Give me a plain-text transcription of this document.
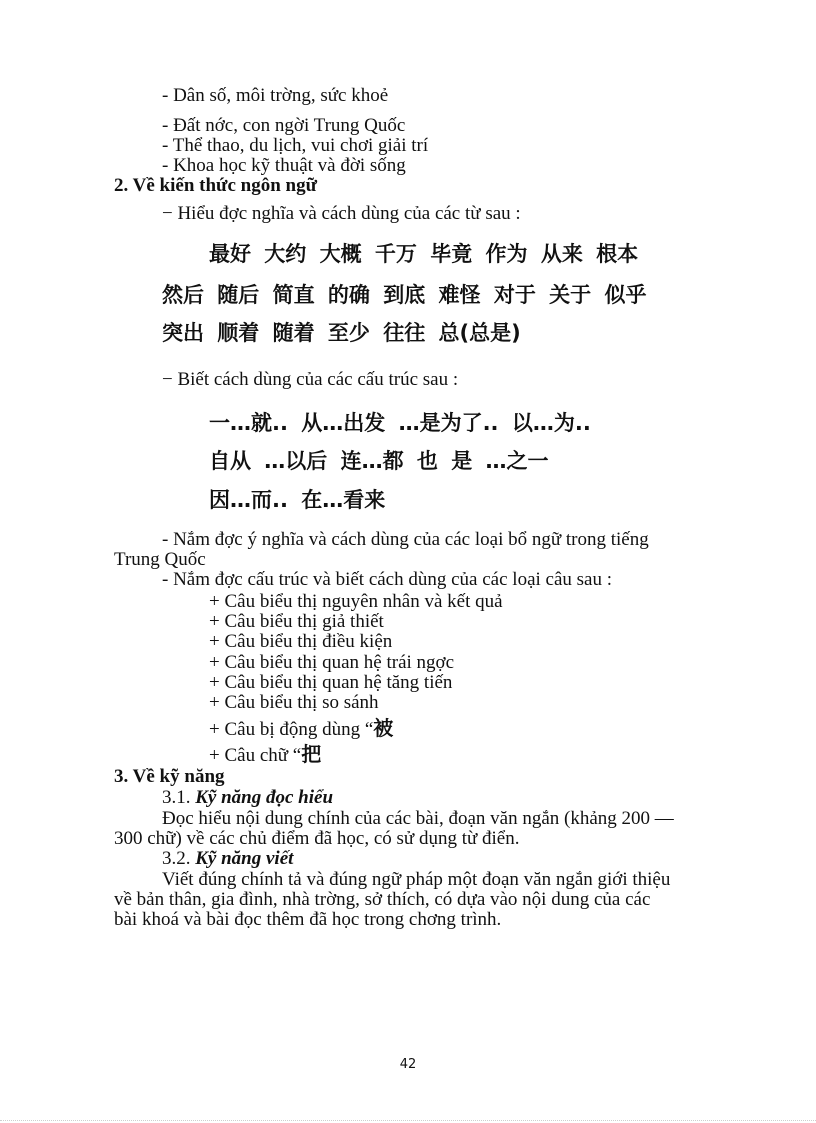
- Dân số, môi trờng, sức khoẻ
- Đất nớc, con ngời Trung Quốc
- Thể thao, du lịch, vui chơi giải trí
- Khoa học kỹ thuật và đời sống
2. Về kiến thức ngôn ngữ
− Hiểu đợc nghĩa và cách dùng của các từ sau :
最好 大约 大概 千万 毕竟 作为 从来 根本
然后 随后 简直 的确 到底 难怪 对于 关于 似乎
突出 顺着 随着 至少 往往 总(总是)
− Biết cách dùng của các cấu trúc sau :
一…就.. 从…出发 …是为了.. 以…为..
自从 …以后 连…都 也 是 …之一
因…而.. 在…看来
- Nắm đợc ý nghĩa và cách dùng của các loại bổ ngữ trong tiếng
Trung Quốc
- Nắm đợc cấu trúc và biết cách dùng của các loại câu sau :
+ Câu biểu thị nguyên nhân và kết quả
+ Câu biểu thị giả thiết
+ Câu biểu thị điều kiện
+ Câu biểu thị quan hệ trái ngợc
+ Câu biểu thị quan hệ tăng tiến
+ Câu biểu thị so sánh
+ Câu bị động dùng “被
+ Câu chữ “把
3. Về kỹ năng
3.1. Kỹ năng đọc hiểu
Đọc hiểu nội dung chính của các bài, đoạn văn ngắn (khảng 200 —
300 chữ) về các chủ điểm đã học, có sử dụng từ điển.
3.2. Kỹ năng viết
Viết đúng chính tả và đúng ngữ pháp một đoạn văn ngắn giới thiệu
về bản thân, gia đình, nhà trờng, sở thích, có dựa vào nội dung của các
bài khoá và bài đọc thêm đã học trong chơng trình.
42
